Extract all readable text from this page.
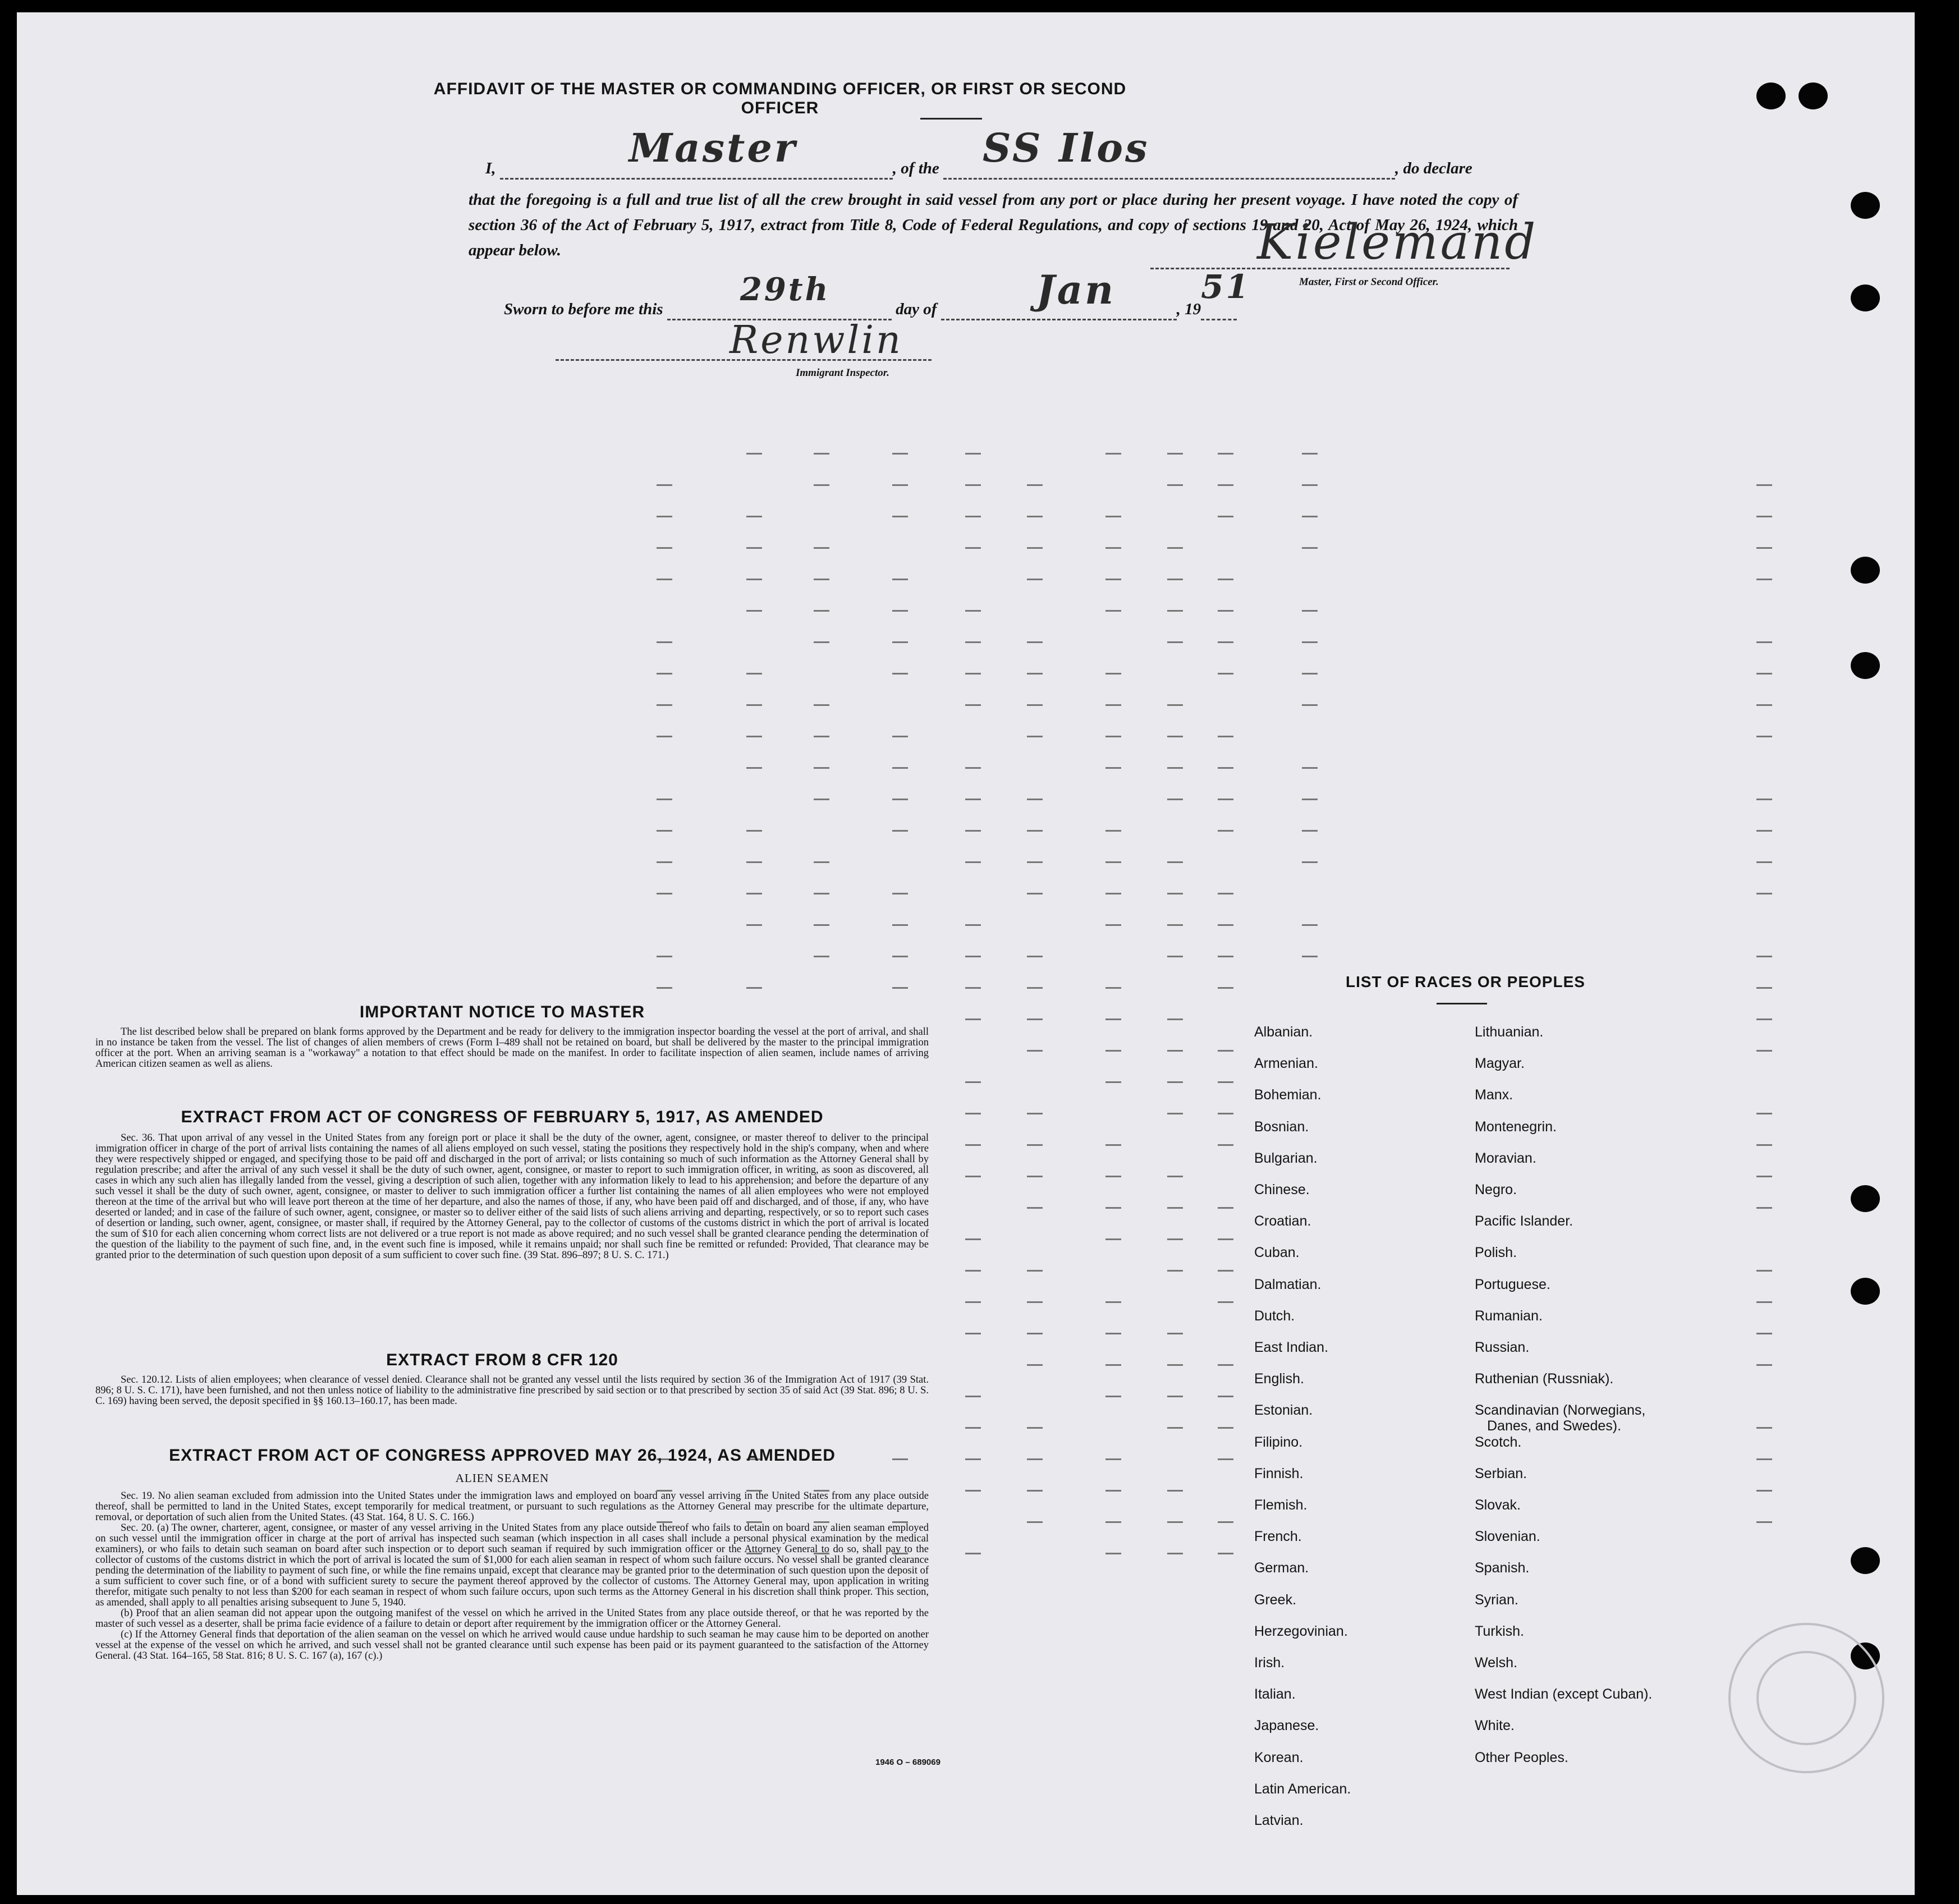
AFFIDAVIT OF THE MASTER OR COMMANDING OFFICER, OR FIRST OR SECOND OFFICER
I,	Master	, of the SS Ilos	, do declare
that the foregoing is a full and true list of all the crew brought in said vessel from any port or place during her present voyage. I have noted the copy of section 36 of the Act of February 5, 1917, extract from Title 8, Code of Federal Regulations, and copy of sections 19 and 20, Act of May 26, 1924, which appear below.	Kielemand
Master, First or Second Officer.
Sworn to before me this
29th
day of	Jan	, 19
51

Renwlin
Immigrant Inspector.
IMPORTANT NOTICE TO MASTER

The list described below shall be prepared on blank forms approved by the Department and be ready for delivery to the immigration inspector boarding the vessel at the port of arrival, and shall in no instance be taken from the vessel. The list of changes of alien members of crews (Form I–489 shall not be retained on board, but shall be delivered by the master to the principal immigration officer at the port. When an arriving seaman is a "workaway" a notation to that effect should be made on the manifest. In order to facilitate inspection of alien seamen, include names of arriving American citizen seamen as well as aliens.

EXTRACT FROM ACT OF CONGRESS OF FEBRUARY 5, 1917, AS AMENDED

Sec. 36. That upon arrival of any vessel in the United States from any foreign port or place it shall be the duty of the owner, agent, consignee, or master thereof to deliver to the principal immigration officer in charge of the port of arrival lists containing the names of all aliens employed on such vessel, stating the positions they respectively hold in the ship's company, when and where they were respectively shipped or engaged, and specifying those to be paid off and discharged in the port of arrival; or lists containing so much of such information as the Attorney General shall by regulation prescribe; and after the arrival of any such vessel it shall be the duty of such owner, agent, consignee, or master to report to such immigration officer, in writing, as soon as discovered, all cases in which any such alien has illegally landed from the vessel, giving a description of such alien, together with any information likely to lead to his apprehension; and before the departure of any such vessel it shall be the duty of such owner, agent, consignee, or master to deliver to such immigration officer a further list containing the names of all alien employees who were not employed thereon at the time of the arrival but who will leave port thereon at the time of her departure, and also the names of those, if any, who have been paid off and discharged, and of those, if any, who have deserted or landed; and in case of the failure of such owner, agent, consignee, or master so to deliver either of the said lists of such aliens arriving and departing, respectively, or so to report such cases of desertion or landing, such owner, agent, consignee, or master shall, if required by the Attorney General, pay to the collector of customs of the customs district in which the port of arrival is located the sum of $10 for each alien concerning whom correct lists are not delivered or a true report is not made as above required; and no such vessel shall be granted clearance pending the determination of the question of the liability to the payment of such fine, and, in the event such fine is imposed, while it remains unpaid; nor shall such fine be remitted or refunded: Provided, That clearance may be granted prior to the determination of such question upon deposit of a sum sufficient to cover such fine. (39 Stat. 896–897; 8 U. S. C. 171.)

EXTRACT FROM 8 CFR 120

Sec. 120.12. Lists of alien employees; when clearance of vessel denied. Clearance shall not be granted any vessel until the lists required by section 36 of the Immigration Act of 1917 (39 Stat. 896; 8 U. S. C. 171), have been furnished, and not then unless notice of liability to the administrative fine prescribed by said section or to that prescribed by section 35 of said Act (39 Stat. 896; 8 U. S. C. 169) having been served, the deposit specified in §§ 160.13–160.17, has been made.

EXTRACT FROM ACT OF CONGRESS APPROVED MAY 26, 1924, AS AMENDED
ALIEN SEAMEN

Sec. 19. No alien seaman excluded from admission into the United States under the immigration laws and employed on board any vessel arriving in the United States from any place outside thereof, shall be permitted to land in the United States, except temporarily for medical treatment, or pursuant to such regulations as the Attorney General may prescribe for the ultimate departure, removal, or deportation of such alien from the United States. (43 Stat. 164, 8 U. S. C. 166.)

Sec. 20. (a) The owner, charterer, agent, consignee, or master of any vessel arriving in the United States from any place outside thereof who fails to detain on board any alien seaman employed on such vessel until the immigration officer in charge at the port of arrival has inspected such seaman (which inspection in all cases shall include a personal physical examination by the medical examiners), or who fails to detain such seaman on board after such inspection or to deport such seaman if required by such immigration officer or the Attorney General to do so, shall pay to the collector of customs of the customs district in which the port of arrival is located the sum of $1,000 for each alien seaman in respect of whom such failure occurs. No vessel shall be granted clearance pending the determination of the liability to payment of such fine, or while the fine remains unpaid, except that clearance may be granted prior to the determination of such question upon the deposit of a sum sufficient to cover such fine, or of a bond with sufficient surety to secure the payment thereof approved by the collector of customs. The Attorney General may, upon application in writing therefor, mitigate such penalty to not less than $200 for each seaman in respect of whom such failure occurs, upon such terms as the Attorney General in his discretion shall think proper. This section, as amended, shall apply to all penalties arising subsequent to June 5, 1940.

(b) Proof that an alien seaman did not appear upon the outgoing manifest of the vessel on which he arrived in the United States from any place outside thereof, or that he was reported by the master of such vessel as a deserter, shall be prima facie evidence of a failure to detain or deport after requirement by the immigration officer or the Attorney General.

(c) If the Attorney General finds that deportation of the alien seaman on the vessel on which he arrived would cause undue hardship to such seaman he may cause him to be deported on another vessel at the expense of the vessel on which he arrived, and such vessel shall not be granted clearance until such expense has been paid or its payment guaranteed to the satisfaction of the Attorney General. (43 Stat. 164–165, 58 Stat. 816; 8 U. S. C. 167 (a), 167 (c).)

1946 O – 689069
LIST OF RACES OR PEOPLES
Albanian.
Armenian.
Bohemian.
Bosnian.
Bulgarian.
Chinese.
Croatian.
Cuban.
Dalmatian.
Dutch.
East Indian.
English.
Estonian.
Filipino.
Finnish.
Flemish.
French.
German.
Greek.
Herzegovinian.
Irish.
Italian.
Japanese.
Korean.
Latin American.
Latvian.
Lithuanian.
Magyar.
Manx.
Montenegrin.
Moravian.
Negro.
Pacific Islander.
Polish.
Portuguese.
Rumanian.
Russian.
Ruthenian (Russniak).
Scandinavian (Norwegians,
Danes, and Swedes).
Scotch.
Serbian.
Slovak.
Slovenian.
Spanish.
Syrian.
Turkish.
Welsh.
West Indian (except Cuban).
White.
Other Peoples.
